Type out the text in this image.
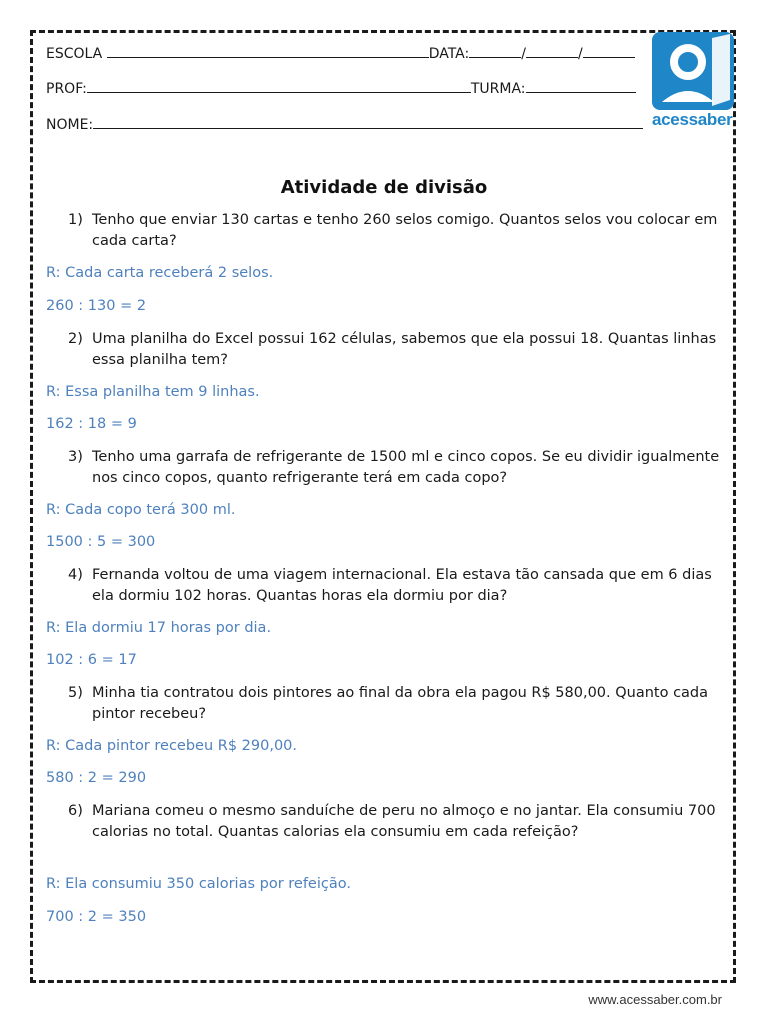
ESCOLA	DATA:	/	/
PROF:	TURMA:
NOME:	acessaber
Atividade de divisão
1) Tenho que enviar 130 cartas e tenho 260 selos comigo. Quantos selos vou colocar em cada carta?
R: Cada carta receberá 2 selos.
260 : 130 = 2
2) Uma planilha do Excel possui 162 células, sabemos que ela possui 18. Quantas linhas essa planilha tem?
R: Essa planilha tem 9 linhas.
162 : 18 = 9
3) Tenho uma garrafa de refrigerante de 1500 ml e cinco copos. Se eu dividir igualmente nos cinco copos, quanto refrigerante terá em cada copo?
R: Cada copo terá 300 ml.
1500 : 5 = 300
4) Fernanda voltou de uma viagem internacional. Ela estava tão cansada que em 6 dias ela dormiu 102 horas. Quantas horas ela dormiu por dia?
R: Ela dormiu 17 horas por dia.
102 : 6 = 17
5) Minha tia contratou dois pintores ao final da obra ela pagou R$ 580,00. Quanto cada pintor recebeu?
R: Cada pintor recebeu R$ 290,00.
580 : 2 = 290
6) Mariana comeu o mesmo sanduíche de peru no almoço e no jantar. Ela consumiu 700 calorias no total. Quantas calorias ela consumiu em cada refeição?
R: Ela consumiu 350 calorias por refeição.
700 : 2 = 350
www.acessaber.com.br
